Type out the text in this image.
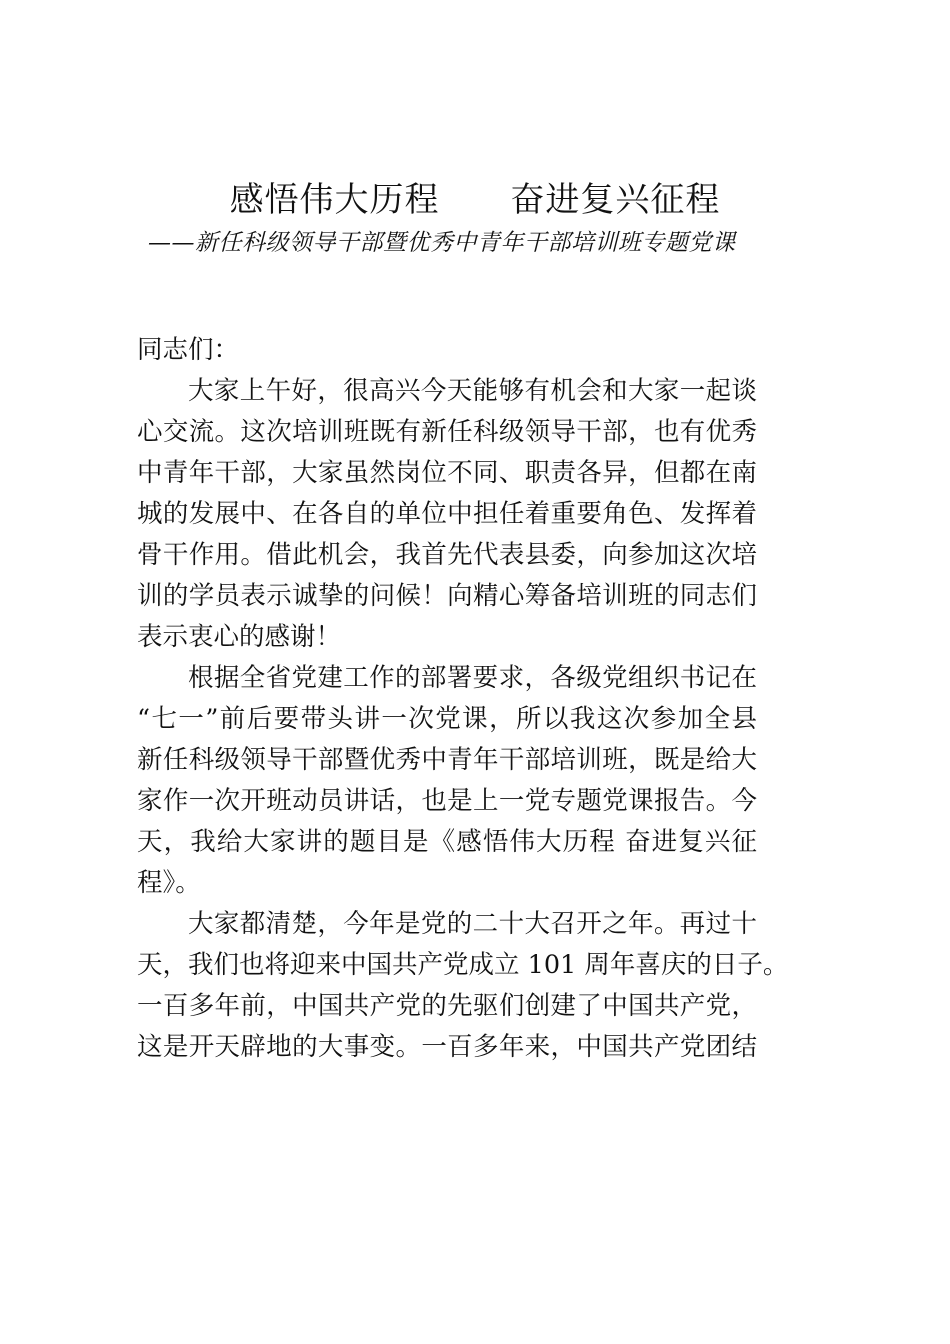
感悟伟大历程      奋进复兴征程
——新任科级领导干部暨优秀中青年干部培训班专题党课
同志们：
大家上午好，很高兴今天能够有机会和大家一起谈
心交流。这次培训班既有新任科级领导干部，也有优秀
中青年干部，大家虽然岗位不同、职责各异，但都在南
城的发展中、在各自的单位中担任着重要角色、发挥着
骨干作用。借此机会，我首先代表县委，向参加这次培
训的学员表示诚挚的问候！向精心筹备培训班的同志们
表示衷心的感谢！
根据全省党建工作的部署要求，各级党组织书记在
“七一”前后要带头讲一次党课，所以我这次参加全县
新任科级领导干部暨优秀中青年干部培训班，既是给大
家作一次开班动员讲话，也是上一党专题党课报告。今
天，我给大家讲的题目是《感悟伟大历程 奋进复兴征
程》。
大家都清楚，今年是党的二十大召开之年。再过十
天，我们也将迎来中国共产党成立 101 周年喜庆的日子。
一百多年前，中国共产党的先驱们创建了中国共产党，
这是开天辟地的大事变。一百多年来，中国共产党团结
